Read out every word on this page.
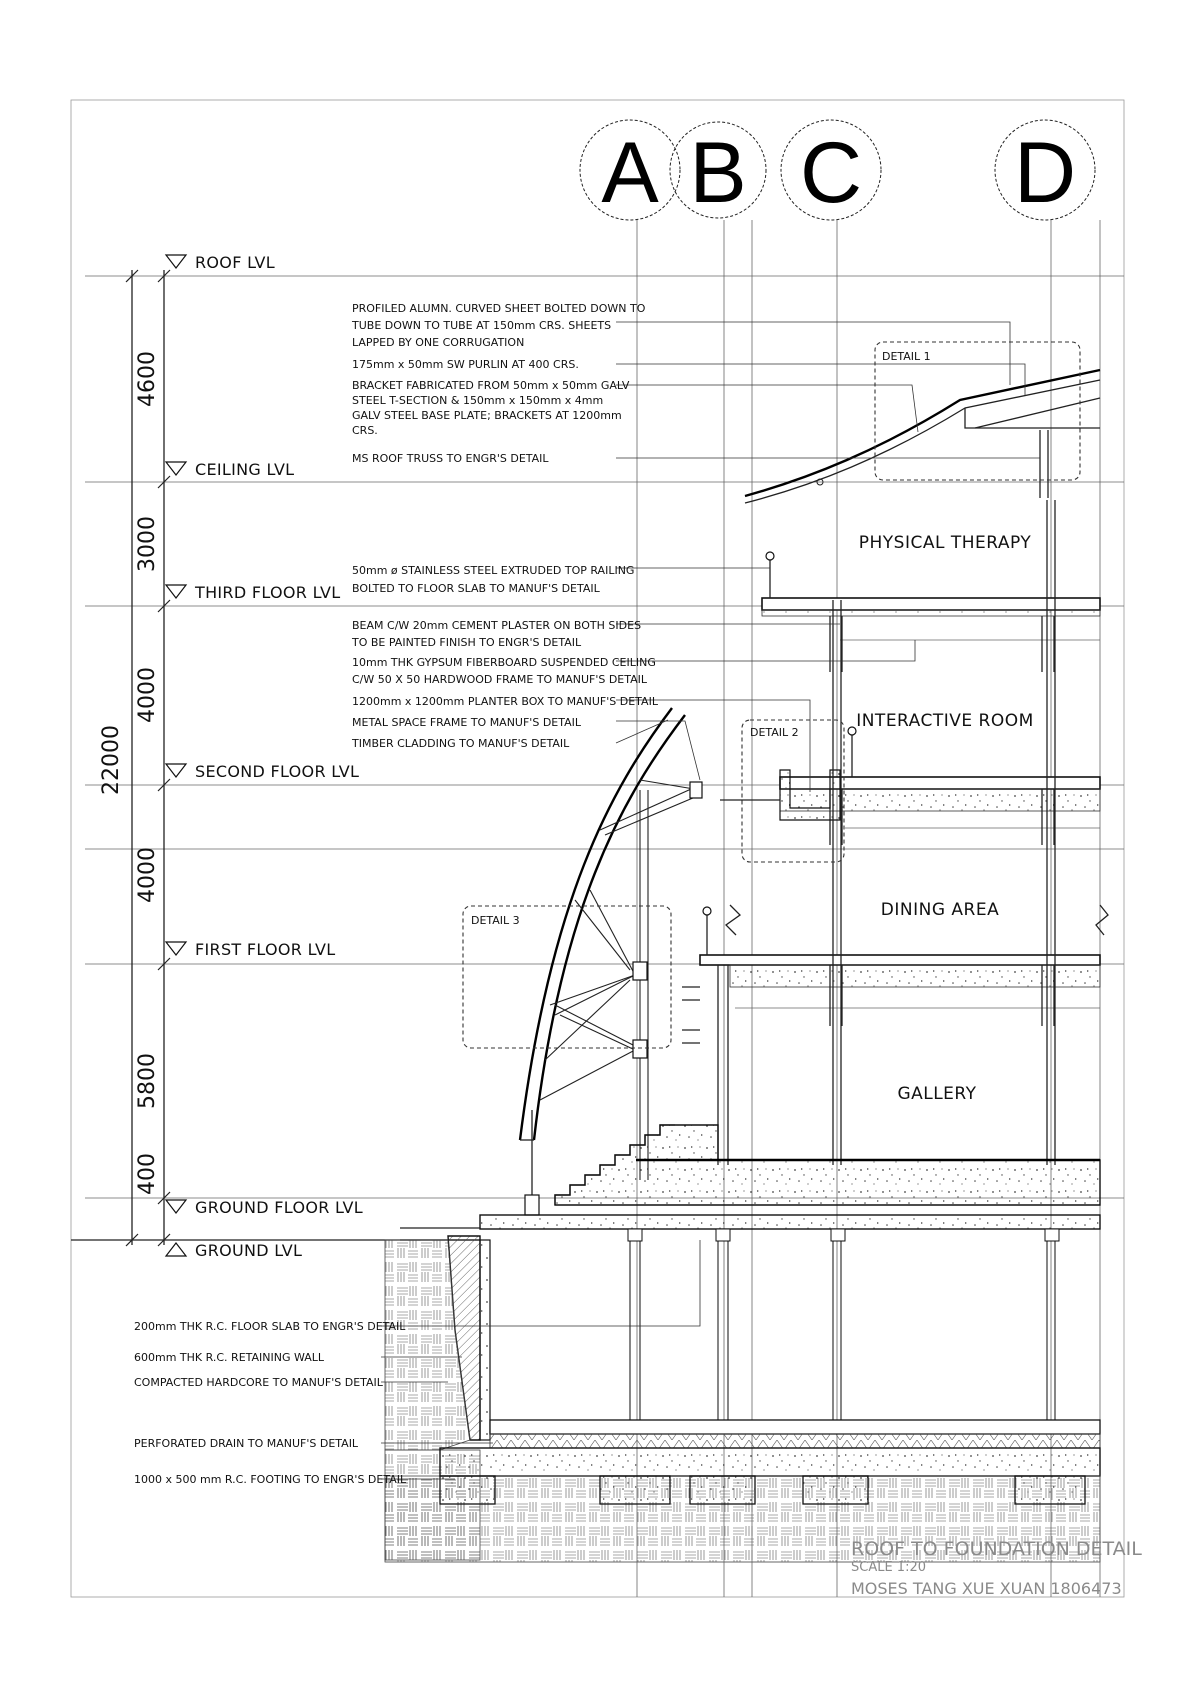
A B C D
22000
4600
3000
4000
4000
5800
400
ROOF LVL
CEILING LVL
THIRD FLOOR LVL
SECOND FLOOR LVL
FIRST FLOOR LVL
GROUND FLOOR LVL
GROUND LVL
DETAIL 1
DETAIL 2
DETAIL 3
PHYSICAL THERAPY
INTERACTIVE ROOM
DINING AREA
GALLERY
PROFILED ALUMN. CURVED SHEET BOLTED DOWN TO
TUBE DOWN TO TUBE AT 150mm CRS. SHEETS
LAPPED BY ONE CORRUGATION
175mm x 50mm SW PURLIN AT 400 CRS.
BRACKET FABRICATED FROM 50mm x 50mm GALV
STEEL T-SECTION & 150mm x 150mm x 4mm
GALV STEEL BASE PLATE; BRACKETS AT 1200mm
CRS.
MS ROOF TRUSS TO ENGR'S DETAIL
50mm ø STAINLESS STEEL EXTRUDED TOP RAILING
BOLTED TO FLOOR SLAB TO MANUF'S DETAIL
BEAM C/W 20mm CEMENT PLASTER ON BOTH SIDES
TO BE PAINTED FINISH TO ENGR'S DETAIL
10mm THK GYPSUM FIBERBOARD SUSPENDED CEILING
C/W 50 X 50 HARDWOOD FRAME TO MANUF'S DETAIL
1200mm x 1200mm PLANTER BOX TO MANUF'S DETAIL
METAL SPACE FRAME TO MANUF'S DETAIL
TIMBER CLADDING TO MANUF'S DETAIL
200mm THK R.C. FLOOR SLAB TO ENGR'S DETAIL
600mm THK R.C. RETAINING WALL
COMPACTED HARDCORE TO MANUF'S DETAIL
PERFORATED DRAIN TO MANUF'S DETAIL
1000 x 500 mm R.C. FOOTING TO ENGR'S DETAIL
ROOF TO FOUNDATION DETAIL
SCALE 1:20
MOSES TANG XUE XUAN 1806473
